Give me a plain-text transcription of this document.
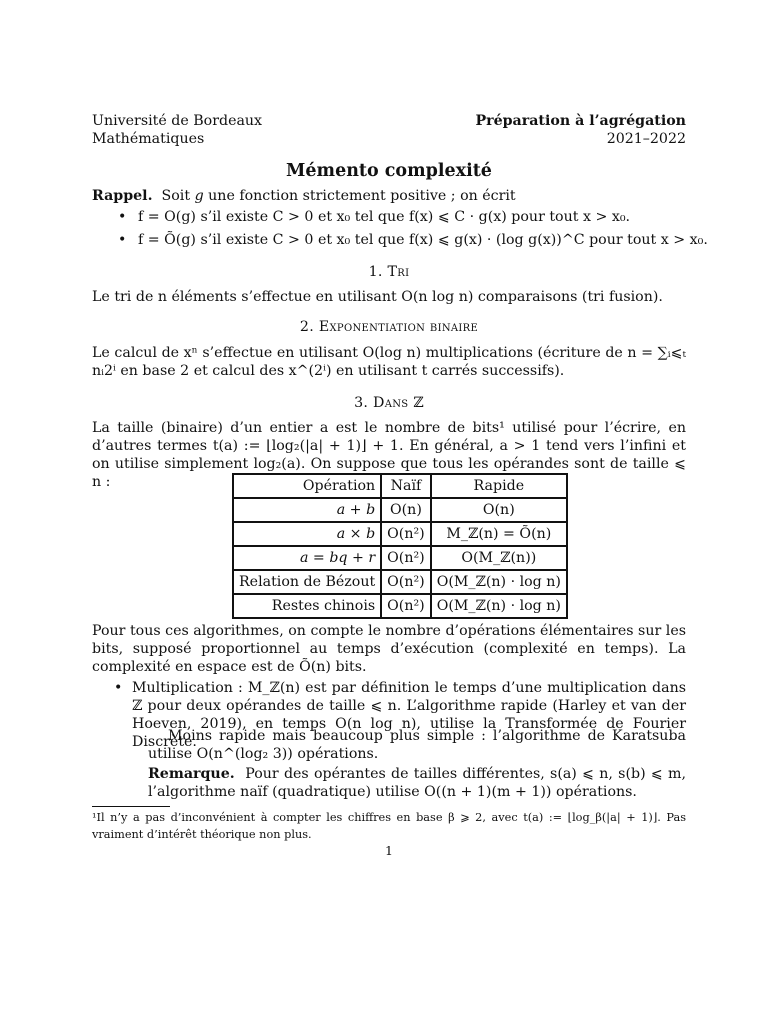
Université de Bordeaux	Préparation à l’agrégation
Mathématiques	2021–2022
Mémento complexité
Rappel. Soit g une fonction strictement positive ; on écrit
• f = O(g) s’il existe C > 0 et x₀ tel que f(x) ⩽ C · g(x) pour tout x > x₀.
• f = Õ(g) s’il existe C > 0 et x₀ tel que f(x) ⩽ g(x) · (log g(x))^C pour tout x > x₀.
1. Tri
Le tri de n éléments s’effectue en utilisant O(n log n) comparaisons (tri fusion).
2. Exponentiation binaire
Le calcul de xⁿ s’effectue en utilisant O(log n) multiplications (écriture de n = ∑ᵢ⩽ₜ nᵢ2ⁱ en base 2 et calcul des x^(2ⁱ) en utilisant t carrés successifs).
3. Dans ℤ
La taille (binaire) d’un entier a est le nombre de bits¹ utilisé pour l’écrire, en d’autres termes t(a) := ⌊log₂(|a| + 1)⌋ + 1. En général, a > 1 tend vers l’infini et on utilise simplement log₂(a). On suppose que tous les opérandes sont de taille ⩽ n :	Opération	Naïf	Rapide
a + b	O(n)	O(n)
a × b	O(n²)	M_ℤ(n) = Õ(n)
a = bq + r	O(n²)	O(M_ℤ(n))
Relation de Bézout	O(n²)	O(M_ℤ(n) · log n)
Restes chinois	O(n²)	O(M_ℤ(n) · log n)
Pour tous ces algorithmes, on compte le nombre d’opérations élémentaires sur les bits, supposé proportionnel au temps d’exécution (complexité en temps). La complexité en espace est de Õ(n) bits.
• Multiplication : M_ℤ(n) est par définition le temps d’une multiplication dans ℤ pour deux opérandes de taille ⩽ n. L’algorithme rapide (Harley et van der Hoeven, 2019), en temps O(n log n), utilise la Transformée de Fourier Discrète.
Moins rapide mais beaucoup plus simple : l’algorithme de Karatsuba utilise O(n^(log₂ 3)) opérations.
Remarque. Pour des opérantes de tailles différentes, s(a) ⩽ n, s(b) ⩽ m, l’algorithme naïf (quadratique) utilise O((n + 1)(m + 1)) opérations.
¹Il n’y a pas d’inconvénient à compter les chiffres en base β ⩾ 2, avec t(a) := ⌊log_β(|a| + 1)⌋. Pas vraiment d’intérêt théorique non plus.
1
